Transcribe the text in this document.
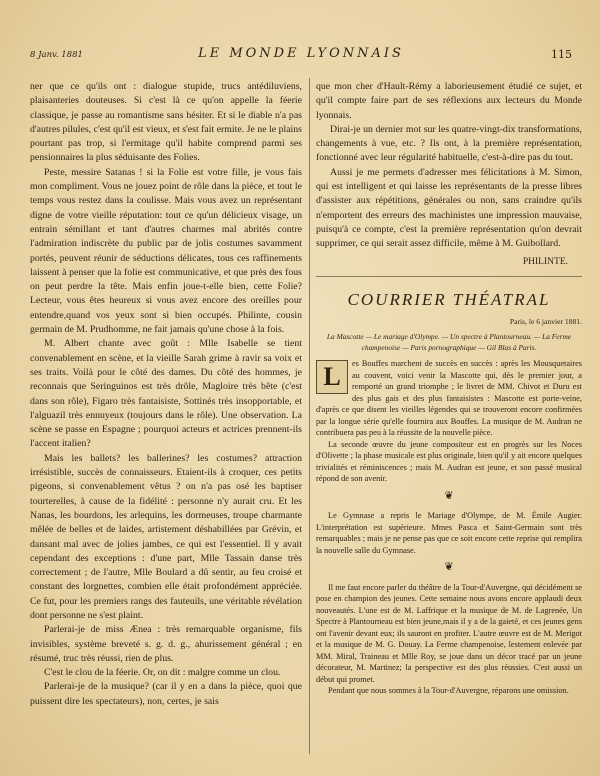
8 Janv. 1881	LE MONDE LYONNAIS	115

ner que ce qu'ils ont : dialogue stupide, trucs antédiluviens, plaisanteries douteuses. Si c'est là ce qu'on appelle la féerie classique, je passe au romantisme sans hésiter. Et si le diable n'a pas d'autres pilules, c'est qu'il est vieux, et s'est fait ermite. Je ne le plains pourtant pas trop, si l'ermitage qu'il habite comprend parmi ses pensionnaires la plus séduisante des Folies.

Peste, messire Satanas ! si la Folie est votre fille, je vous fais mon compliment. Vous ne jouez point de rôle dans la pièce, et tout le temps vous restez dans la coulisse. Mais vous avez un représentant digne de votre vieille réputation: tout ce qu'un délicieux visage, un entrain sémillant et tant d'autres charmes mal abrités contre l'admiration indiscrète du public par de jolis costumes savamment portés, peuvent réunir de séductions délicates, tous ces raffinements laissent à penser que la folie est communicative, et que près des fous on peut perdre la tête. Mais enfin joue-t-elle bien, cette Folie? Lecteur, vous êtes heureux si vous avez encore des oreilles pour entendre,quand vos yeux sont si bien occupés. Philinte, cousin germain de M. Prudhomme, ne fait jamais qu'une chose à la fois.

M. Albert chante avec goût : Mlle Isabelle se tient convenablement en scène, et la vieille Sarah grime à ravir sa voix et ses traits. Voilà pour le côté des dames. Du côté des hommes, je reconnais que Seringuinos est très drôle, Magloire très bête (c'est dans son rôle), Figaro très fantaisiste, Sottinés très insopportable, et l'alguazil très ennuyeux (toujours dans le rôle). Une observation. La scène se passe en Espagne ; pourquoi acteurs et actrices prennent-ils l'accent italien?

Mais les ballets? les ballerines? les costumes? attraction irrésistible, succès de connaisseurs. Etaient-ils à croquer, ces petits pigeons, si convenablement vêtus ? on n'a pas osé les baptiser tourterelles, à cause de la fidélité : personne n'y aurait cru. Et les Nanas, les bourdons, les arlequins, les dormeuses, troupe charmante mêlée de belles et de laides, artistement déshabillées par Grévin, et dansant mal avec de jolies jambes, ce qui est l'essentiel. Il y avait cependant des exceptions : d'une part, Mlle Tassain danse très correctement ; de l'autre, Mlle Boulard a dû sentir, au feu croisé et constant des lorgnettes, combien elle était profondément appréciée. Ce fut, pour les premiers rangs des fauteuils, une véritable révélation dont personne ne s'est plaint.

Parlerai-je de miss Æneа : très remarquable organisme, fils invisibles, système breveté s. g. d. g., ahurissement général ; en résumé, truc très réussi, rien de plus.

C'est le clou de la féerie. Or, on dit : malgre comme un clou.

Parlerai-je de la musique? (car il y en a dans la pièce, quoi que puissent dire les spectateurs), non, certes, je sais

que mon cher d'Hault-Rémy a laborieusement étudié ce sujet, et qu'il compte faire part de ses réflexions aux lecteurs du Monde lyonnais.

Dirai-je un dernier mot sur les quatre-vingt-dix transformations, changements à vue, etc. ? Ils ont, à la première représentation, fonctionné avec leur régularité habituelle, c'est-à-dire pas du tout.

Aussi je me permets d'adresser mes félicitations à M. Simon, qui est intelligent et qui laisse les représentants de la presse libres d'assister aux répétitions, générales ou non, sans craindre qu'ils n'emportent des erreurs des machinistes une impression mauvaise, puisqu'à ce compte, c'est la première représentation qu'on devrait supprimer, ce qui serait assez difficile, même à M. Guibollard.

PHILINTE.
COURRIER THÉATRAL
Paris, le 6 janvier 1881.
La Mascotte — Le mariage d'Olympe. — Un spectre à Plantourneau. — La Ferme champenoise — Paris pornographique — Gil Blas à Paris.

L	es Bouffes marchent de succès en succès : après les Mousquetaires au couvent, voici venir la Mascotte qui, dès le premier jour, a remporté un grand triomphe ; le livret de MM. Chivot et Duru est des plus gais et des plus fantaisistes : Mascotte est porte-veine, d'après ce que disent les vieilles légendes qui se trouveront encore confirmées par la longue série qu'elle fournira aux Bouffes. La musique de M. Audran ne contribuera pas peu à la réussite de la nouvelle pièce.

La seconde œuvre du jeune compositeur est en progrès sur les Noces d'Olivette ; la phase musicale est plus originale, bien qu'il y ait encore quelques trivialités et réminiscences ; mais M. Audran est jeune, et son passé musical répond de son avenir.

❦

Le Gymnase a repris le Mariage d'Olympe, de M. Émile Augier. L'interprétation est supérieure. Mmes Pasca et Saint-Germain sont très remarquables ; mais je ne pense pas que ce soit encore cette reprise qui remplira la nouvelle salle du Gymnase.

❦

Il me faut encore parler du théâtre de la Tour-d'Auvergne, qui décidément se pose en champion des jeunes. Cette semaine nous avons encore applaudi deux nouveautés. L'une est de M. Laffrique et la musique de M. de Lagrenée, Un Spectre à Plantourneau est bien jeune,mais il y a de la gaieté, et ces jeunes gens ont l'avenir devant eux; ils sauront en profiter. L'autre œuvre est de M. Merigot et la musique de M. G. Douay. La Ferme champenoise, lestement enlevée par MM. Miral, Traineau et Mlle Roy, se joue dans un décor tracé par un jeune décorateur, M. Martinez; la perspective est des plus réussies. C'est aussi un début qui promet.

Pendant que nous sommes à la Tour-d'Auvergne, réparons une omission.
